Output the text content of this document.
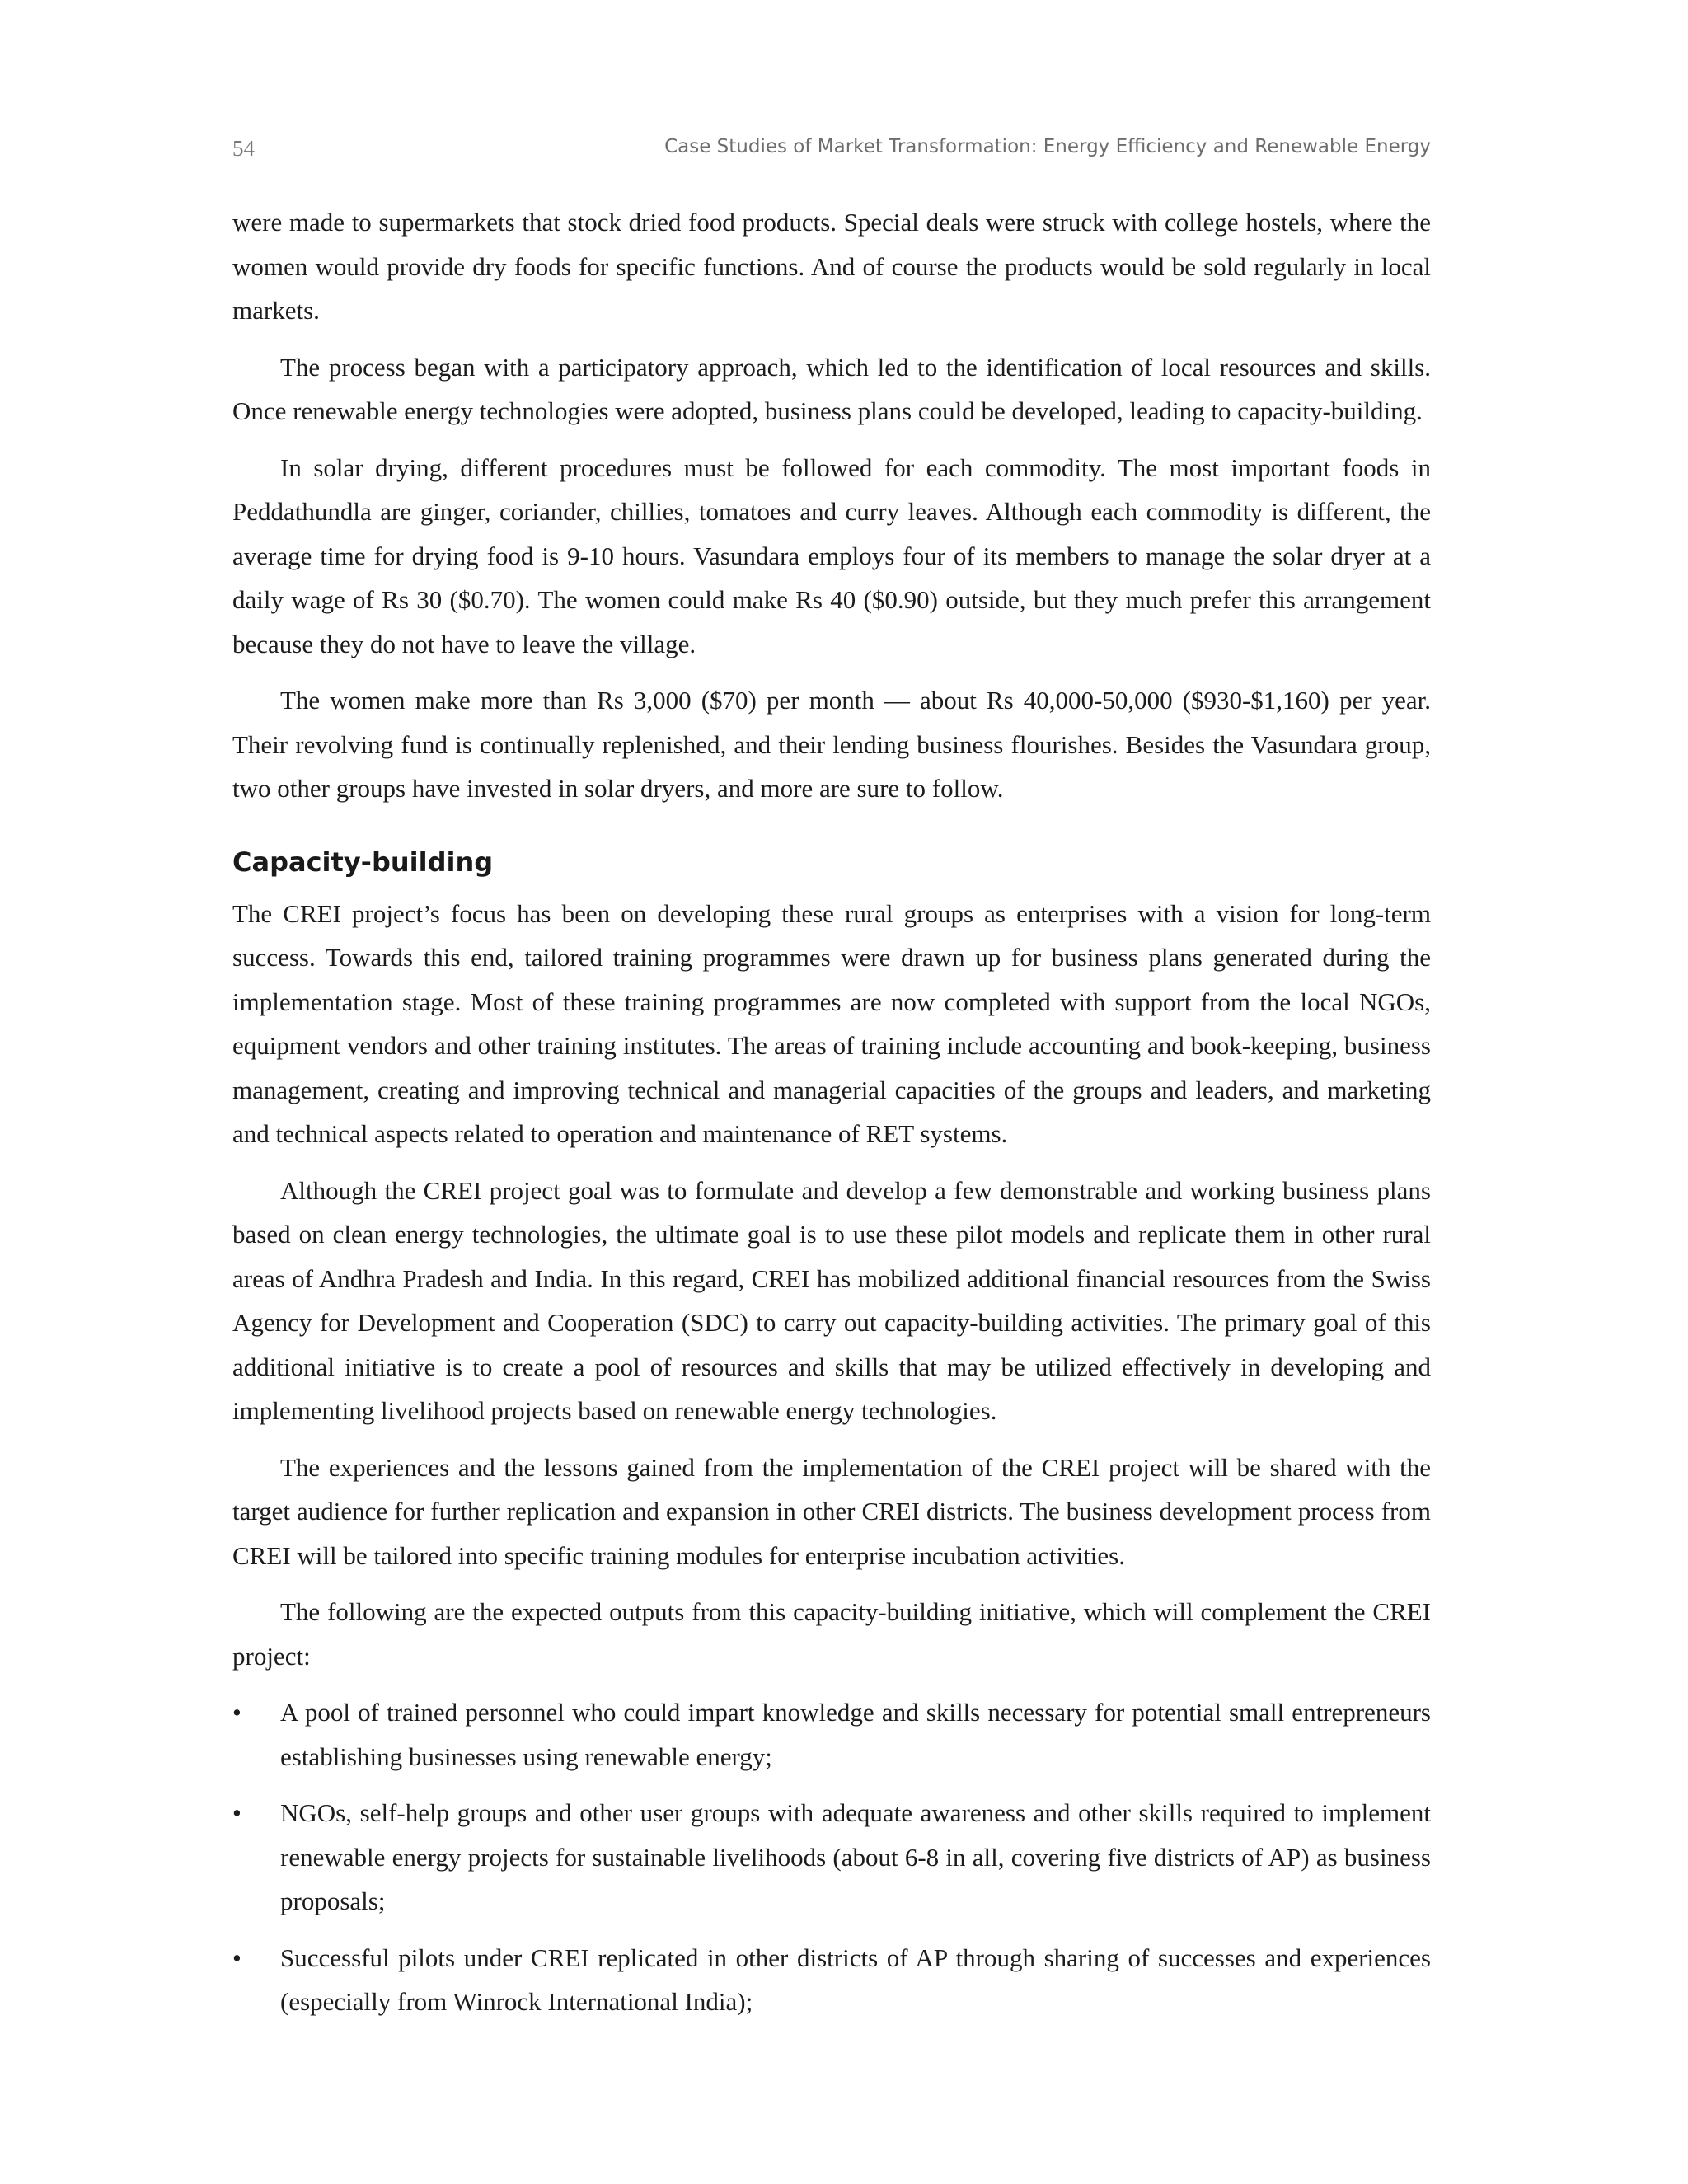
54	Case Studies of Market Transformation: Energy Efficiency and Renewable Energy

were made to supermarkets that stock dried food products. Special deals were struck with college hostels, where the women would provide dry foods for specific functions. And of course the products would be sold regularly in local markets.

The process began with a participatory approach, which led to the identification of local resources and skills. Once renewable energy technologies were adopted, business plans could be developed, leading to capacity-building.

In solar drying, different procedures must be followed for each commodity. The most important foods in Peddathundla are ginger, coriander, chillies, tomatoes and curry leaves. Although each commodity is different, the average time for drying food is 9-10 hours. Vasundara employs four of its members to manage the solar dryer at a daily wage of Rs 30 ($0.70). The women could make Rs 40 ($0.90) outside, but they much prefer this arrangement because they do not have to leave the village.

The women make more than Rs 3,000 ($70) per month — about Rs 40,000-50,000 ($930-$1,160) per year. Their revolving fund is continually replenished, and their lending business flourishes. Besides the Vasundara group, two other groups have invested in solar dryers, and more are sure to follow.

Capacity-building

The CREI project’s focus has been on developing these rural groups as enterprises with a vision for long-term success. Towards this end, tailored training programmes were drawn up for business plans generated during the implementation stage. Most of these training programmes are now completed with support from the local NGOs, equipment vendors and other training institutes. The areas of training include accounting and book-keeping, business management, creating and improving technical and managerial capacities of the groups and leaders, and marketing and technical aspects related to operation and maintenance of RET systems.

Although the CREI project goal was to formulate and develop a few demonstrable and working business plans based on clean energy technologies, the ultimate goal is to use these pilot models and replicate them in other rural areas of Andhra Pradesh and India. In this regard, CREI has mobilized additional financial resources from the Swiss Agency for Development and Cooperation (SDC) to carry out capacity-building activities. The primary goal of this additional initiative is to create a pool of resources and skills that may be utilized effectively in developing and implementing livelihood projects based on renewable energy technologies.

The experiences and the lessons gained from the implementation of the CREI project will be shared with the target audience for further replication and expansion in other CREI districts. The business development process from CREI will be tailored into specific training modules for enterprise incubation activities.

The following are the expected outputs from this capacity-building initiative, which will complement the CREI project:

•	A pool of trained personnel who could impart knowledge and skills necessary for potential small entrepreneurs establishing businesses using renewable energy;
•	NGOs, self-help groups and other user groups with adequate awareness and other skills required to implement renewable energy projects for sustainable livelihoods (about 6-8 in all, covering five districts of AP) as business proposals;
•	Successful pilots under CREI replicated in other districts of AP through sharing of successes and experiences (especially from Winrock International India);
